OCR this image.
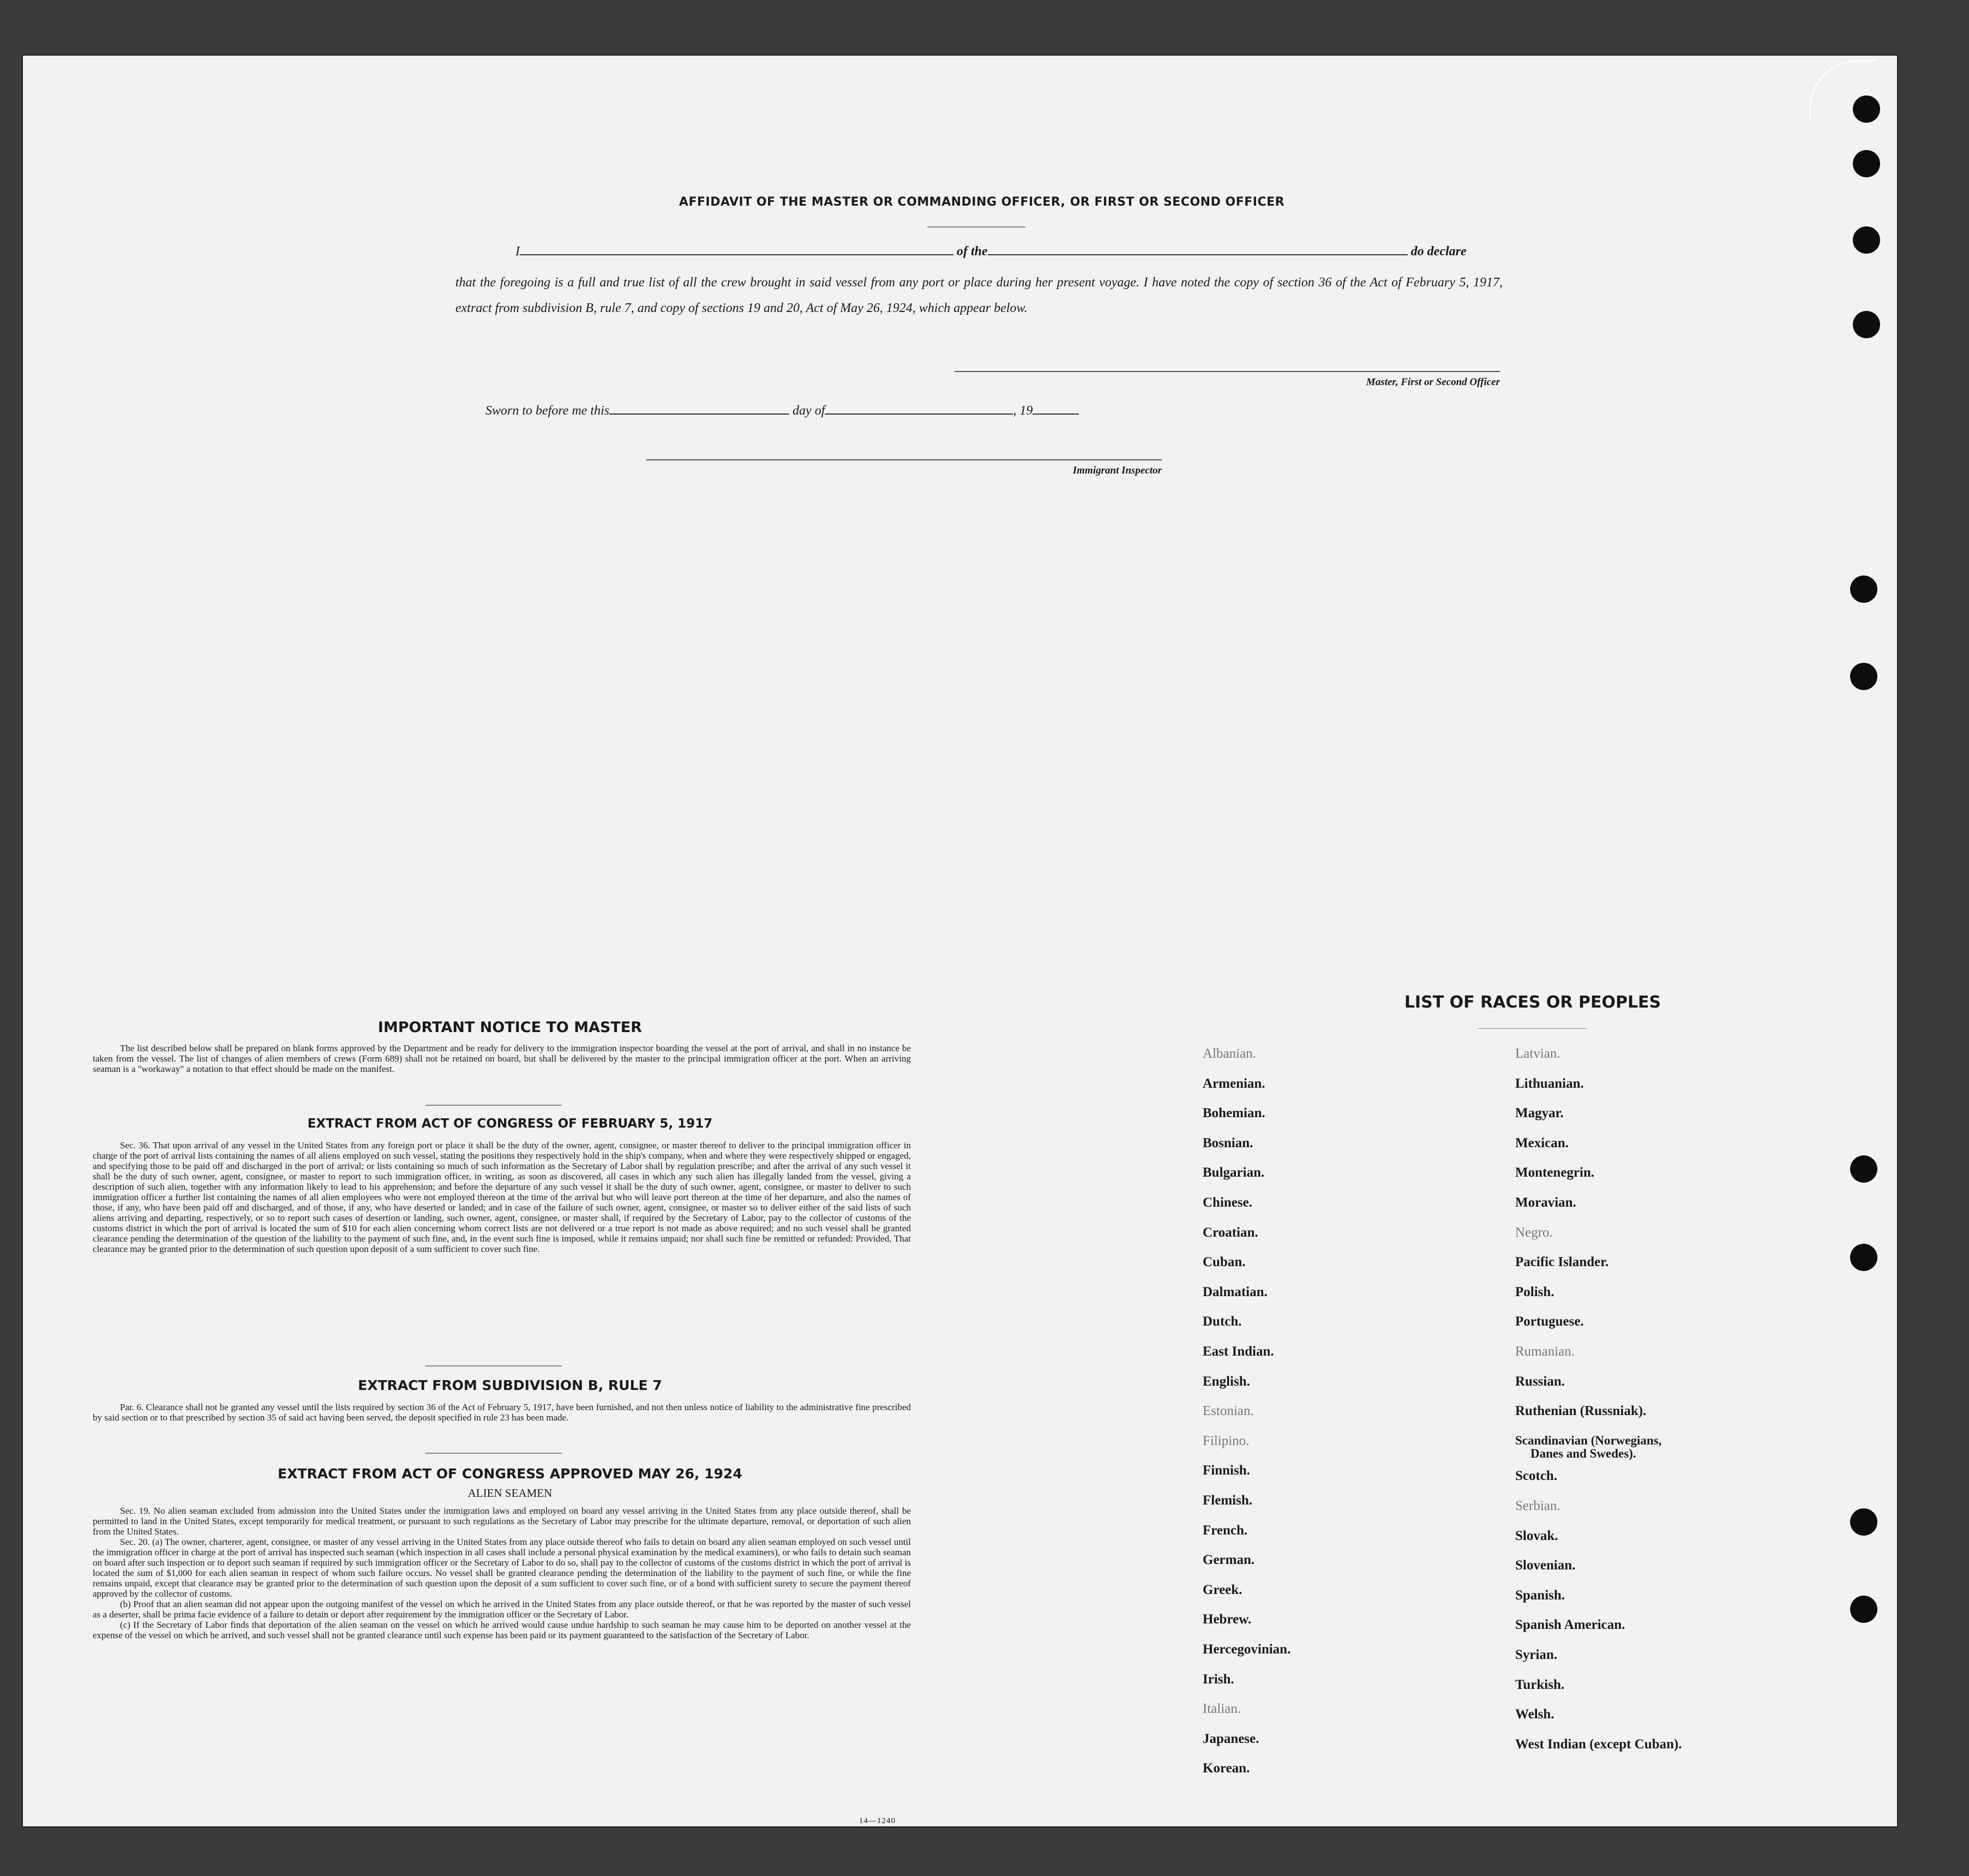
AFFIDAVIT OF THE MASTER OR COMMANDING OFFICER, OR FIRST OR SECOND OFFICER
I	of the	do declare
that the foregoing is a full and true list of all the crew brought in said vessel from any port or place during her present voyage. I have noted the copy of section 36 of the Act of February 5, 1917, extract from subdivision B, rule 7, and copy of sections 19 and 20, Act of May 26, 1924, which appear below.
Master, First or Second Officer
Sworn to before me this	day of	, 19
Immigrant Inspector
IMPORTANT NOTICE TO MASTER

The list described below shall be prepared on blank forms approved by the Department and be ready for delivery to the immigration inspector boarding the vessel at the port of arrival, and shall in no instance be taken from the vessel. The list of changes of alien members of crews (Form 689) shall not be retained on board, but shall be delivered by the master to the principal immigration officer at the port. When an arriving seaman is a "workaway" a notation to that effect should be made on the manifest.

EXTRACT FROM ACT OF CONGRESS OF FEBRUARY 5, 1917

Sec. 36. That upon arrival of any vessel in the United States from any foreign port or place it shall be the duty of the owner, agent, consignee, or master thereof to deliver to the principal immigration officer in charge of the port of arrival lists containing the names of all aliens employed on such vessel, stating the positions they respectively hold in the ship's company, when and where they were respectively shipped or engaged, and specifying those to be paid off and discharged in the port of arrival; or lists containing so much of such information as the Secretary of Labor shall by regulation prescribe; and after the arrival of any such vessel it shall be the duty of such owner, agent, consignee, or master to report to such immigration officer, in writing, as soon as discovered, all cases in which any such alien has illegally landed from the vessel, giving a description of such alien, together with any information likely to lead to his apprehension; and before the departure of any such vessel it shall be the duty of such owner, agent, consignee, or master to deliver to such immigration officer a further list containing the names of all alien employees who were not employed thereon at the time of the arrival but who will leave port thereon at the time of her departure, and also the names of those, if any, who have been paid off and discharged, and of those, if any, who have deserted or landed; and in case of the failure of such owner, agent, consignee, or master so to deliver either of the said lists of such aliens arriving and departing, respectively, or so to report such cases of desertion or landing, such owner, agent, consignee, or master shall, if required by the Secretary of Labor, pay to the collector of customs of the customs district in which the port of arrival is located the sum of $10 for each alien concerning whom correct lists are not delivered or a true report is not made as above required; and no such vessel shall be granted clearance pending the determination of the question of the liability to the payment of such fine, and, in the event such fine is imposed, while it remains unpaid; nor shall such fine be remitted or refunded: Provided, That clearance may be granted prior to the determination of such question upon deposit of a sum sufficient to cover such fine.

EXTRACT FROM SUBDIVISION B, RULE 7

Par. 6. Clearance shall not be granted any vessel until the lists required by section 36 of the Act of February 5, 1917, have been furnished, and not then unless notice of liability to the administrative fine prescribed by said section or to that prescribed by section 35 of said act having been served, the deposit specified in rule 23 has been made.

EXTRACT FROM ACT OF CONGRESS APPROVED MAY 26, 1924
ALIEN SEAMEN

Sec. 19. No alien seaman excluded from admission into the United States under the immigration laws and employed on board any vessel arriving in the United States from any place outside thereof, shall be permitted to land in the United States, except temporarily for medical treatment, or pursuant to such regulations as the Secretary of Labor may prescribe for the ultimate departure, removal, or deportation of such alien from the United States.

Sec. 20. (a) The owner, charterer, agent, consignee, or master of any vessel arriving in the United States from any place outside thereof who fails to detain on board any alien seaman employed on such vessel until the immigration officer in charge at the port of arrival has inspected such seaman (which inspection in all cases shall include a personal physical examination by the medical examiners), or who fails to detain such seaman on board after such inspection or to deport such seaman if required by such immigration officer or the Secretary of Labor to do so, shall pay to the collector of customs of the customs district in which the port of arrival is located the sum of $1,000 for each alien seaman in respect of whom such failure occurs. No vessel shall be granted clearance pending the determination of the liability to the payment of such fine, or while the fine remains unpaid, except that clearance may be granted prior to the determination of such question upon the deposit of a sum sufficient to cover such fine, or of a bond with sufficient surety to secure the payment thereof approved by the collector of customs.

(b) Proof that an alien seaman did not appear upon the outgoing manifest of the vessel on which he arrived in the United States from any place outside thereof, or that he was reported by the master of such vessel as a deserter, shall be prima facie evidence of a failure to detain or deport after requirement by the immigration officer or the Secretary of Labor.

(c) If the Secretary of Labor finds that deportation of the alien seaman on the vessel on which he arrived would cause undue hardship to such seaman he may cause him to be deported on another vessel at the expense of the vessel on which he arrived, and such vessel shall not be granted clearance until such expense has been paid or its payment guaranteed to the satisfaction of the Secretary of Labor.

14—1240
LIST OF RACES OR PEOPLES
Albanian.
Armenian.
Bohemian.
Bosnian.
Bulgarian.
Chinese.
Croatian.
Cuban.
Dalmatian.
Dutch.
East Indian.
English.
Estonian.
Filipino.
Finnish.
Flemish.
French.
German.
Greek.
Hebrew.
Hercegovinian.
Irish.
Italian.
Japanese.
Korean.
Latvian.
Lithuanian.
Magyar.
Mexican.
Montenegrin.
Moravian.
Negro.
Pacific Islander.
Polish.
Portuguese.
Rumanian.
Russian.
Ruthenian (Russniak).
Scandinavian (Norwegians,
Danes and Swedes).
Scotch.
Serbian.
Slovak.
Slovenian.
Spanish.
Spanish American.
Syrian.
Turkish.
Welsh.
West Indian (except Cuban).
